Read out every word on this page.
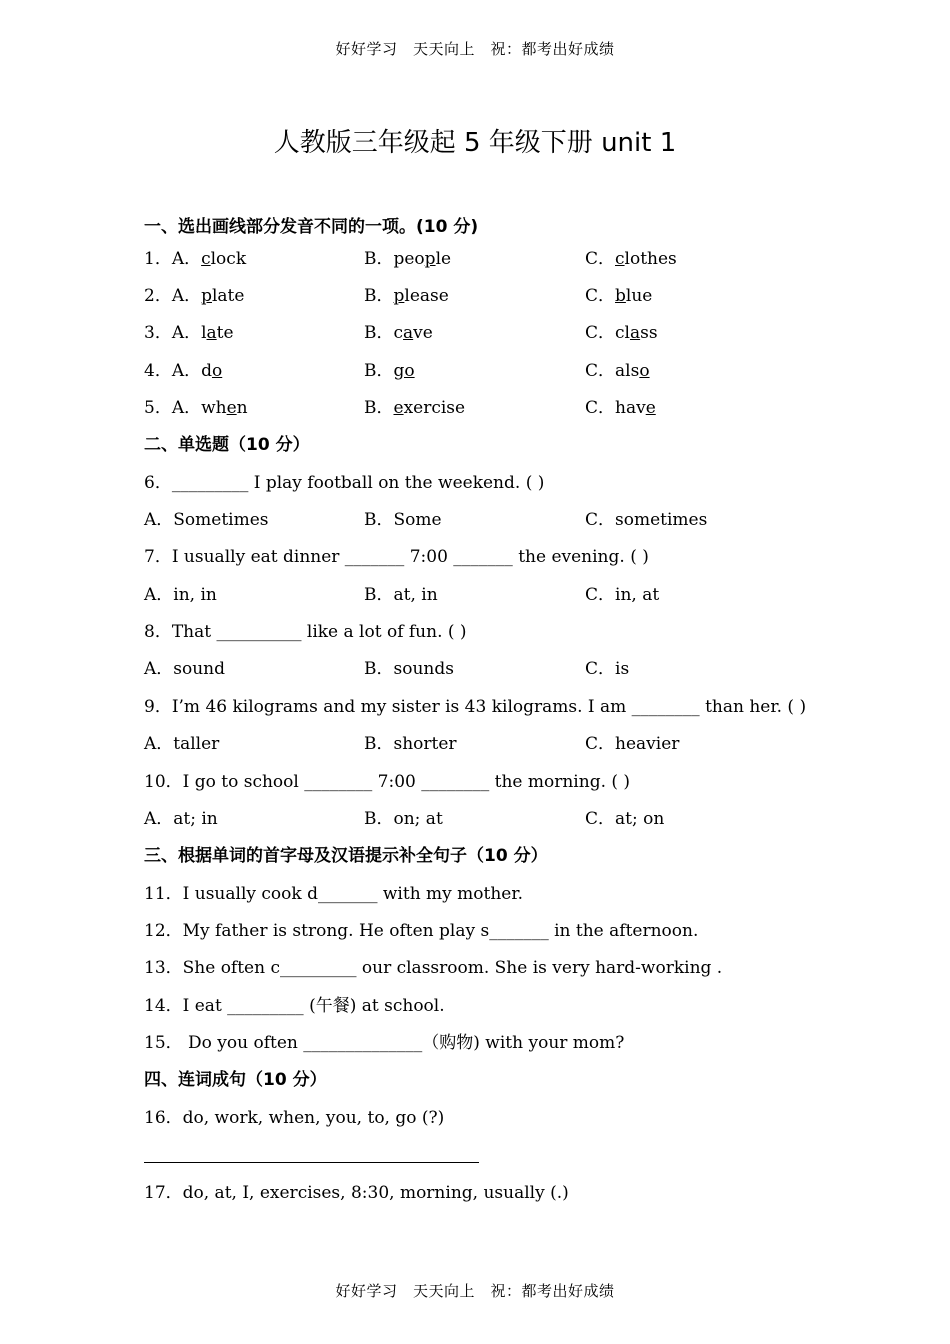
好好学习　天天向上　祝：都考出好成绩
人教版三年级起 5 年级下册 unit 1
一、选出画线部分发音不同的一项。(10 分)
1．A．clock	B．people	C．clothes
2．A．plate	B．please	C．blue
3．A．late	B．cave	C．class
4．A．do	B．go	C．also
5．A．when	B．exercise	C．have
二、单选题（10 分）
6．_________ I play football on the weekend. ( )
A．Sometimes	B．Some	C．sometimes
7．I usually eat dinner _______ 7:00 _______ the evening. ( )
A．in, in	B．at, in	C．in, at
8．That __________ like a lot of fun. ( )
A．sound	B．sounds	C．is
9．I’m 46 kilograms and my sister is 43 kilograms. I am ________ than her. ( )
A．taller	B．shorter	C．heavier
10．I go to school ________ 7:00 ________ the morning. ( )
A．at; in	B．on; at	C．at; on
三、根据单词的首字母及汉语提示补全句子（10 分）
11．I usually cook d_______ with my mother.
12．My father is strong. He often play s_______ in the afternoon.
13．She often c_________ our classroom. She is very hard-working .
14．I eat _________ (午餐) at school.
15． Do you often ______________（购物) with your mom?
四、连词成句（10 分）
16．do, work, when, you, to, go (?)
17．do, at, I, exercises, 8:30, morning, usually (.)
好好学习　天天向上　祝：都考出好成绩
